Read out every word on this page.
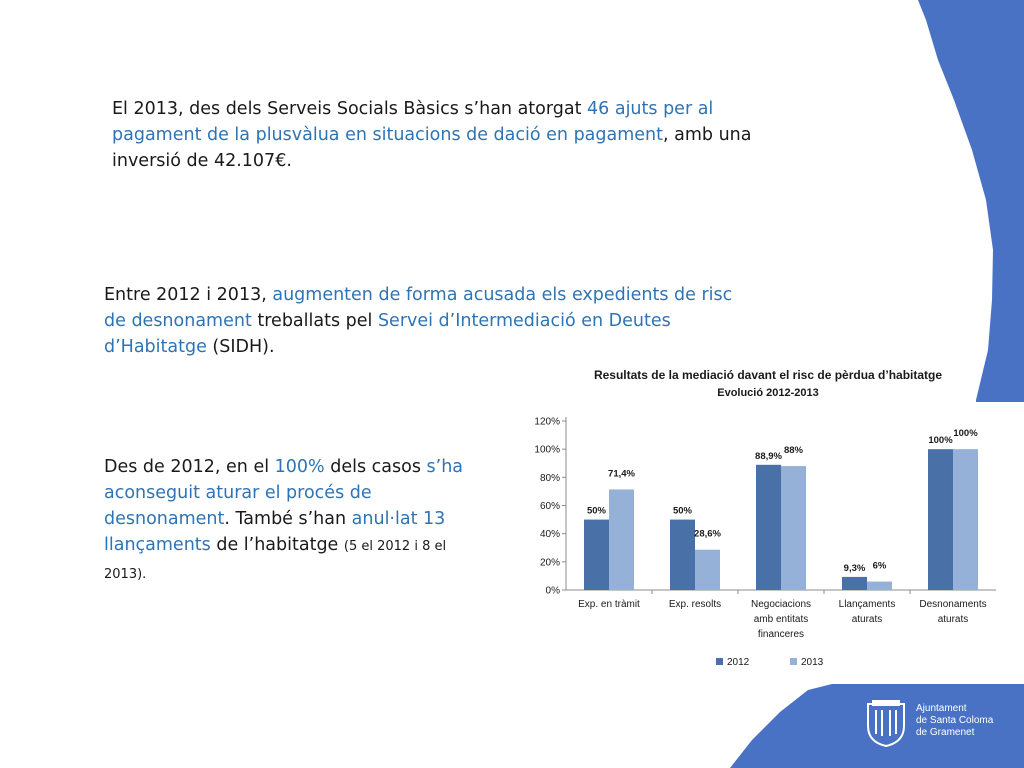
El 2013, des dels Serveis Socials Bàsics s’han atorgat 46 ajuts per al pagament de la plusvàlua en situacions de dació en pagament, amb una inversió de 42.107€.
Entre 2012 i 2013, augmenten de forma acusada els expedients de risc de desnonament treballats pel Servei d’Intermediació en Deutes d’Habitatge (SIDH).
Des de 2012, en el 100% dels casos s’ha aconseguit aturar el procés de desnonament. També s’han anul·lat 13 llançaments de l’habitatge (5 el 2012 i 8 el 2013).
Resultats de la mediació davant el risc de pèrdua d’habitatge
Evolució 2012-2013
0%
20%
40%
60%
80%
100%
120%
50%
71,4%
Exp. en tràmit
50%
28,6%
Exp. resolts
88,9%
88%
Negociacions
amb entitats
financeres
9,3% 6%
Llançaments
aturats
100%
100%
Desnonaments
aturats
2012	2013
Ajuntament
de Santa Coloma
de Gramenet
